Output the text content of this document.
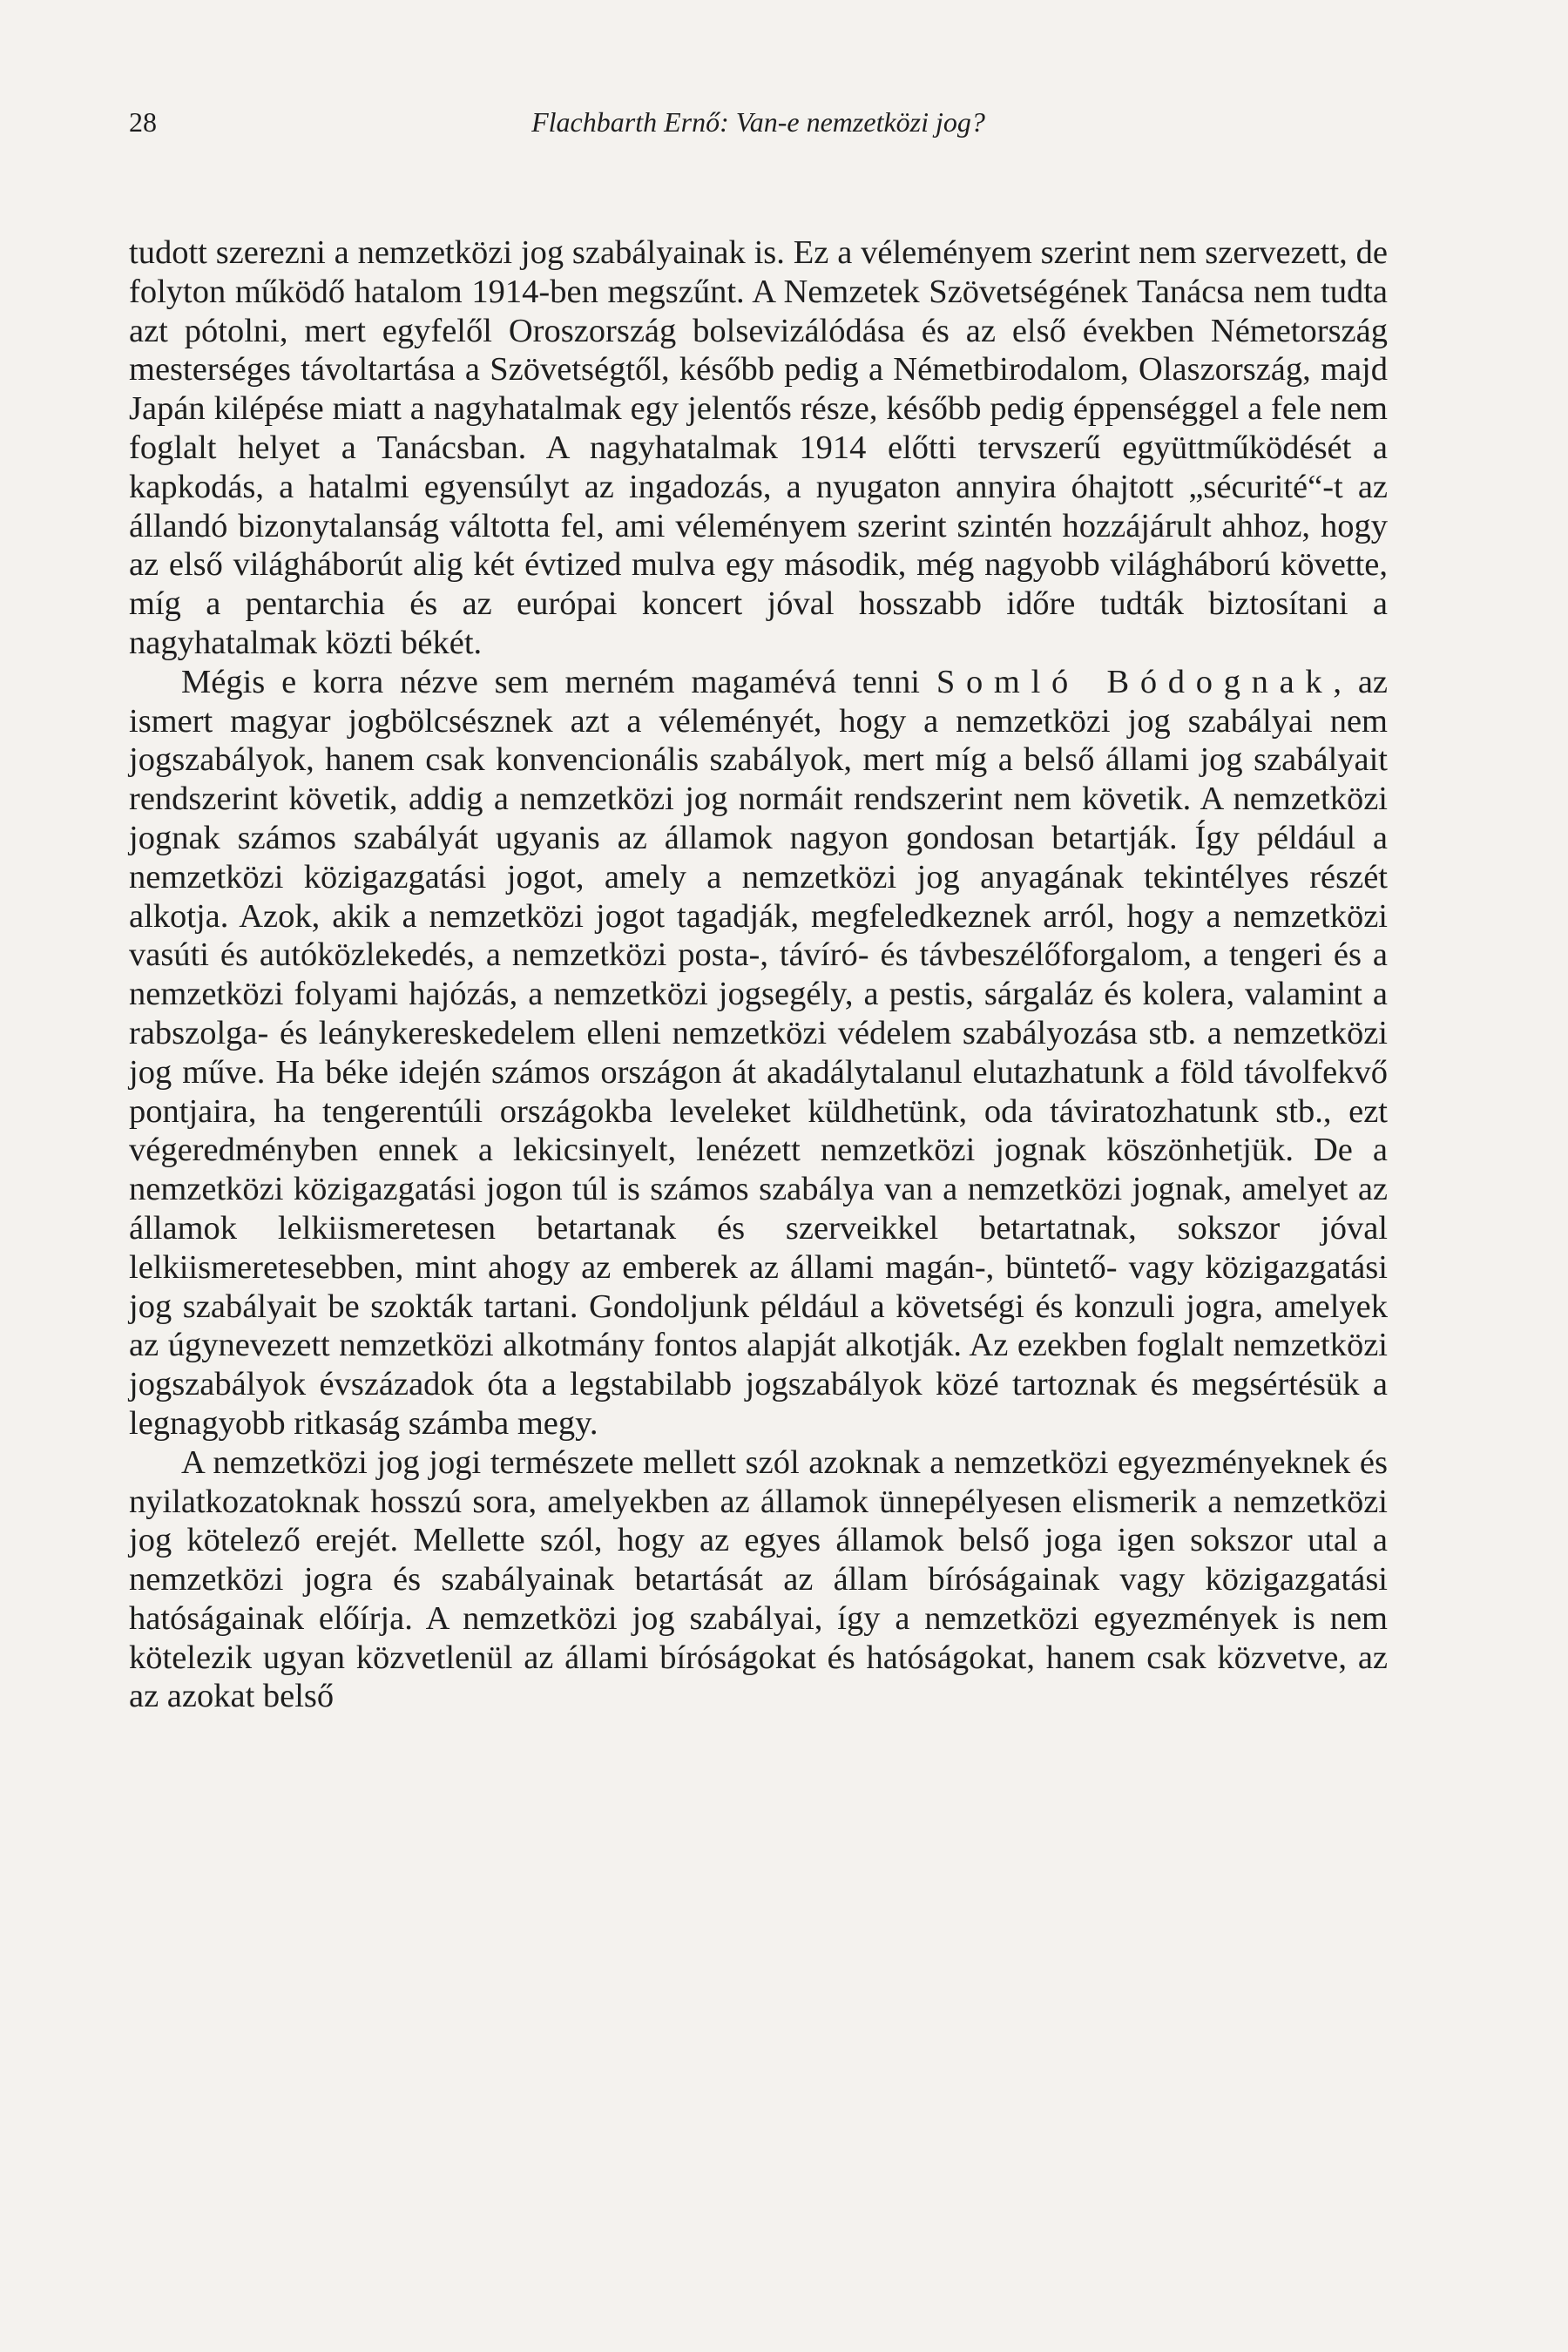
28	Flachbarth Ernő: Van-e nemzetközi jog?

tudott szerezni a nemzetközi jog szabályainak is. Ez a véleményem szerint nem szervezett, de folyton működő hatalom 1914-ben megszűnt. A Nemzetek Szövetségének Tanácsa nem tudta azt pótolni, mert egyfelől Oroszország bolsevizálódása és az első években Németország mesterséges távoltartása a Szövetségtől, később pedig a Németbirodalom, Olaszország, majd Japán kilépése miatt a nagyhatalmak egy jelentős része, később pedig éppenséggel a fele nem foglalt helyet a Tanácsban. A nagyhatalmak 1914 előtti tervszerű együttműködését a kapkodás, a hatalmi egyensúlyt az ingadozás, a nyugaton annyira óhajtott „sécurité“-t az állandó bizonytalanság váltotta fel, ami véleményem szerint szintén hozzájárult ahhoz, hogy az első világháborút alig két évtized mulva egy második, még nagyobb világháború követte, míg a pentarchia és az európai koncert jóval hosszabb időre tudták biztosítani a nagyhatalmak közti békét.

Mégis e korra nézve sem merném magamévá tenni Somló Bódognak, az ismert magyar jogbölcsésznek azt a véleményét, hogy a nemzetközi jog szabályai nem jogszabályok, hanem csak konvencionális szabályok, mert míg a belső állami jog szabályait rendszerint követik, addig a nemzetközi jog normáit rendszerint nem követik. A nemzetközi jognak számos szabályát ugyanis az államok nagyon gondosan betartják. Így például a nemzetközi közigazgatási jogot, amely a nemzetközi jog anyagának tekintélyes részét alkotja. Azok, akik a nemzetközi jogot tagadják, megfeledkeznek arról, hogy a nemzetközi vasúti és autóközlekedés, a nemzetközi posta-, távíró- és távbeszélőforgalom, a tengeri és a nemzetközi folyami hajózás, a nemzetközi jogsegély, a pestis, sárgaláz és kolera, valamint a rabszolga- és leánykereskedelem elleni nemzetközi védelem szabályozása stb. a nemzetközi jog műve. Ha béke idején számos országon át akadálytalanul elutazhatunk a föld távolfekvő pontjaira, ha tengerentúli országokba leveleket küldhetünk, oda táviratozhatunk stb., ezt végeredményben ennek a lekicsinyelt, lenézett nemzetközi jognak köszönhetjük. De a nemzetközi közigazgatási jogon túl is számos szabálya van a nemzetközi jognak, amelyet az államok lelkiismeretesen betartanak és szerveikkel betartatnak, sokszor jóval lelkiismeretesebben, mint ahogy az emberek az állami magán-, büntető- vagy közigazgatási jog szabályait be szokták tartani. Gondoljunk például a követségi és konzuli jogra, amelyek az úgynevezett nemzetközi alkotmány fontos alapját alkotják. Az ezekben foglalt nemzetközi jogszabályok évszázadok óta a legstabilabb jogszabályok közé tartoznak és megsértésük a legnagyobb ritkaság számba megy.

A nemzetközi jog jogi természete mellett szól azoknak a nemzetközi egyezményeknek és nyilatkozatoknak hosszú sora, amelyekben az államok ünnepélyesen elismerik a nemzetközi jog kötelező erejét. Mellette szól, hogy az egyes államok belső joga igen sokszor utal a nemzetközi jogra és szabályainak betartását az állam bíróságainak vagy közigazgatási hatóságainak előírja. A nemzetközi jog szabályai, így a nemzetközi egyezmények is nem kötelezik ugyan közvetlenül az állami bíróságokat és hatóságokat, hanem csak közvetve, az az azokat belső
